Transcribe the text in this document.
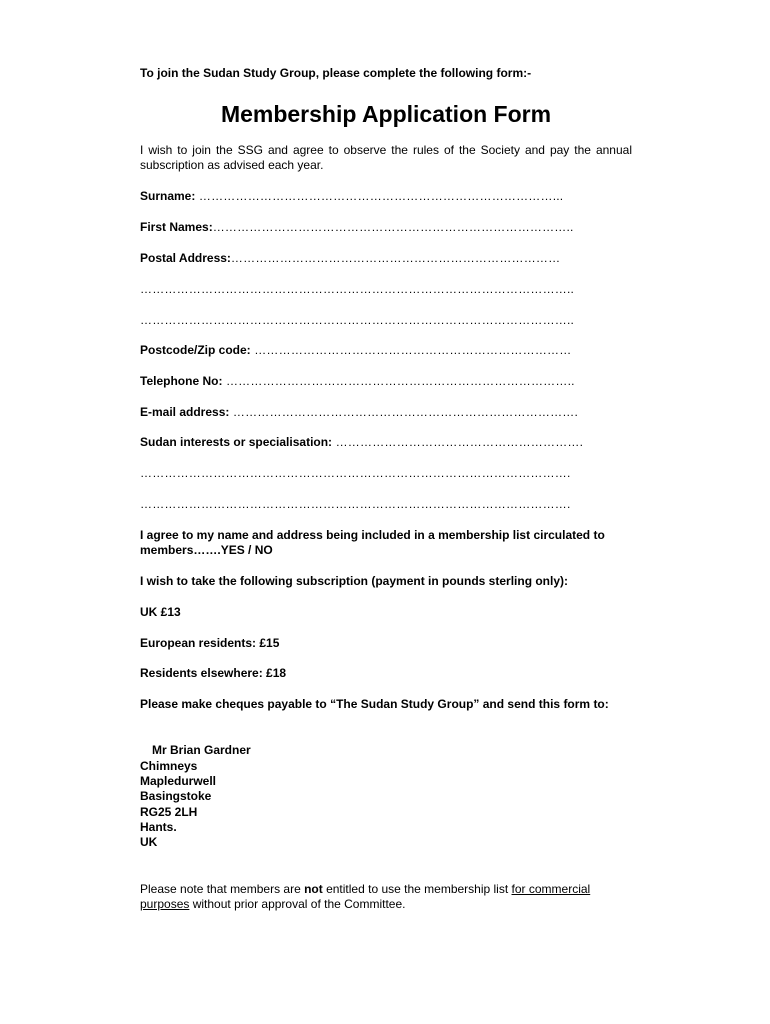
To join the Sudan Study Group, please complete the following form:-
Membership Application Form
I wish to join the SSG and agree to observe the rules of the Society and pay the annual subscription as advised each year.
Surname: ……………………………………………………………………………...
First Names:……………………………………………………………………………..
Postal Address:………………………………………………………………………
……………………………………………………………………………………………..
……………………………………………………………………………………………..
Postcode/Zip code: ……………………………………………………………………
Telephone No: …………………………………………………………………………..
E-mail address: ………………………………………………………………………….
Sudan interests or specialisation: …………………………………………………….
…………………………………………………………………………………………….
…………………………………………………………………………………………….
I agree to my name and address being included in a membership list circulated to members…….YES / NO
I wish to take the following subscription (payment in pounds sterling only):
UK £13
European residents: £15
Residents elsewhere: £18
Please make cheques payable to “The Sudan Study Group” and send this form to:
Mr Brian Gardner
Chimneys
Mapledurwell
Basingstoke
RG25 2LH
Hants.
UK
Please note that members are not entitled to use the membership list for commercial purposes without prior approval of the Committee.
